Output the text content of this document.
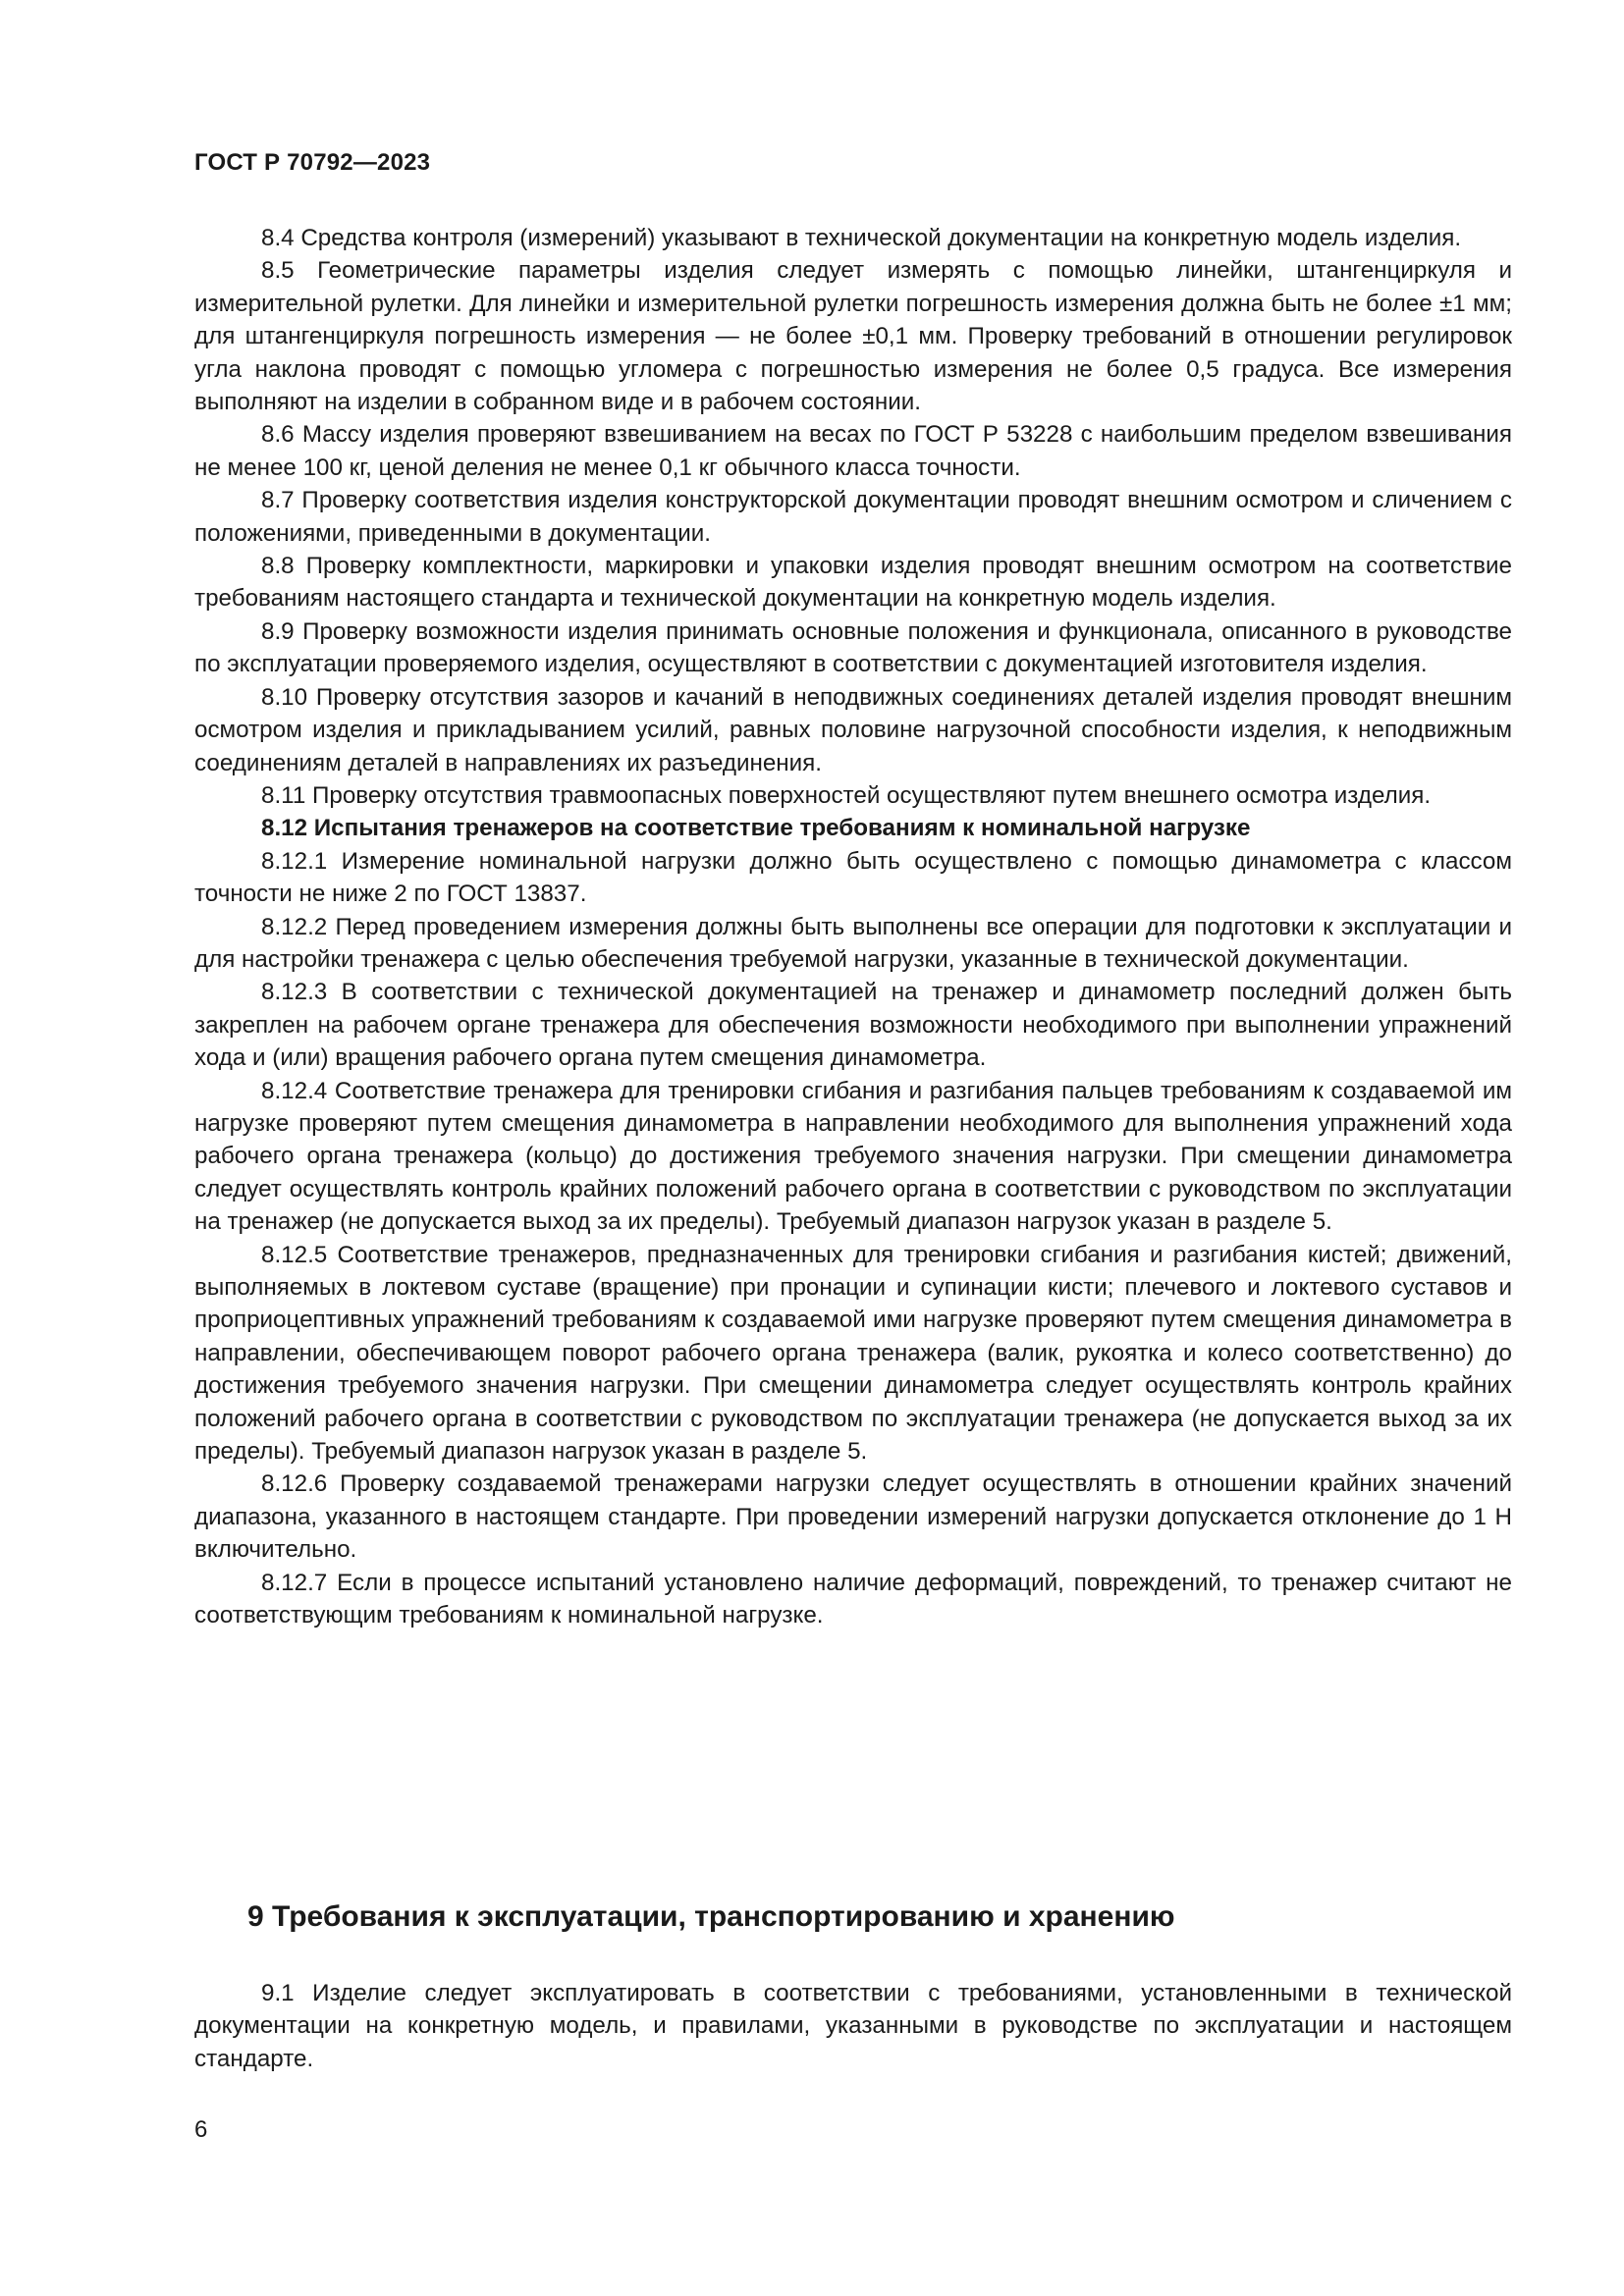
ГОСТ Р 70792—2023

8.4 Средства контроля (измерений) указывают в технической документации на конкретную модель изделия.

8.5 Геометрические параметры изделия следует измерять с помощью линейки, штангенциркуля и измерительной рулетки. Для линейки и измерительной рулетки погрешность измерения должна быть не более ±1 мм; для штангенциркуля погрешность измерения — не более ±0,1 мм. Проверку требований в отношении регулировок угла наклона проводят с помощью угломера с погрешностью измерения не более 0,5 градуса. Все измерения выполняют на изделии в собранном виде и в рабочем состоянии.

8.6 Массу изделия проверяют взвешиванием на весах по ГОСТ Р 53228 с наибольшим пределом взвешивания не менее 100 кг, ценой деления не менее 0,1 кг обычного класса точности.

8.7 Проверку соответствия изделия конструкторской документации проводят внешним осмотром и сличением с положениями, приведенными в документации.

8.8 Проверку комплектности, маркировки и упаковки изделия проводят внешним осмотром на соответствие требованиям настоящего стандарта и технической документации на конкретную модель изделия.

8.9 Проверку возможности изделия принимать основные положения и функционала, описанного в руководстве по эксплуатации проверяемого изделия, осуществляют в соответствии с документацией изготовителя изделия.

8.10 Проверку отсутствия зазоров и качаний в неподвижных соединениях деталей изделия проводят внешним осмотром изделия и прикладыванием усилий, равных половине нагрузочной способности изделия, к неподвижным соединениям деталей в направлениях их разъединения.

8.11 Проверку отсутствия травмоопасных поверхностей осуществляют путем внешнего осмотра изделия.

8.12 Испытания тренажеров на соответствие требованиям к номинальной нагрузке

8.12.1 Измерение номинальной нагрузки должно быть осуществлено с помощью динамометра с классом точности не ниже 2 по ГОСТ 13837.

8.12.2 Перед проведением измерения должны быть выполнены все операции для подготовки к эксплуатации и для настройки тренажера с целью обеспечения требуемой нагрузки, указанные в технической документации.

8.12.3 В соответствии с технической документацией на тренажер и динамометр последний должен быть закреплен на рабочем органе тренажера для обеспечения возможности необходимого при выполнении упражнений хода и (или) вращения рабочего органа путем смещения динамометра.

8.12.4 Соответствие тренажера для тренировки сгибания и разгибания пальцев требованиям к создаваемой им нагрузке проверяют путем смещения динамометра в направлении необходимого для выполнения упражнений хода рабочего органа тренажера (кольцо) до достижения требуемого значения нагрузки. При смещении динамометра следует осуществлять контроль крайних положений рабочего органа в соответствии с руководством по эксплуатации на тренажер (не допускается выход за их пределы). Требуемый диапазон нагрузок указан в разделе 5.

8.12.5 Соответствие тренажеров, предназначенных для тренировки сгибания и разгибания кистей; движений, выполняемых в локтевом суставе (вращение) при пронации и супинации кисти; плечевого и локтевого суставов и проприоцептивных упражнений требованиям к создаваемой ими нагрузке проверяют путем смещения динамометра в направлении, обеспечивающем поворот рабочего органа тренажера (валик, рукоятка и колесо соответственно) до достижения требуемого значения нагрузки. При смещении динамометра следует осуществлять контроль крайних положений рабочего органа в соответствии с руководством по эксплуатации тренажера (не допускается выход за их пределы). Требуемый диапазон нагрузок указан в разделе 5.

8.12.6 Проверку создаваемой тренажерами нагрузки следует осуществлять в отношении крайних значений диапазона, указанного в настоящем стандарте. При проведении измерений нагрузки допускается отклонение до 1 Н включительно.

8.12.7 Если в процессе испытаний установлено наличие деформаций, повреждений, то тренажер считают не соответствующим требованиям к номинальной нагрузке.

9 Требования к эксплуатации, транспортированию и хранению

9.1 Изделие следует эксплуатировать в соответствии с требованиями, установленными в технической документации на конкретную модель, и правилами, указанными в руководстве по эксплуатации и настоящем стандарте.

6
